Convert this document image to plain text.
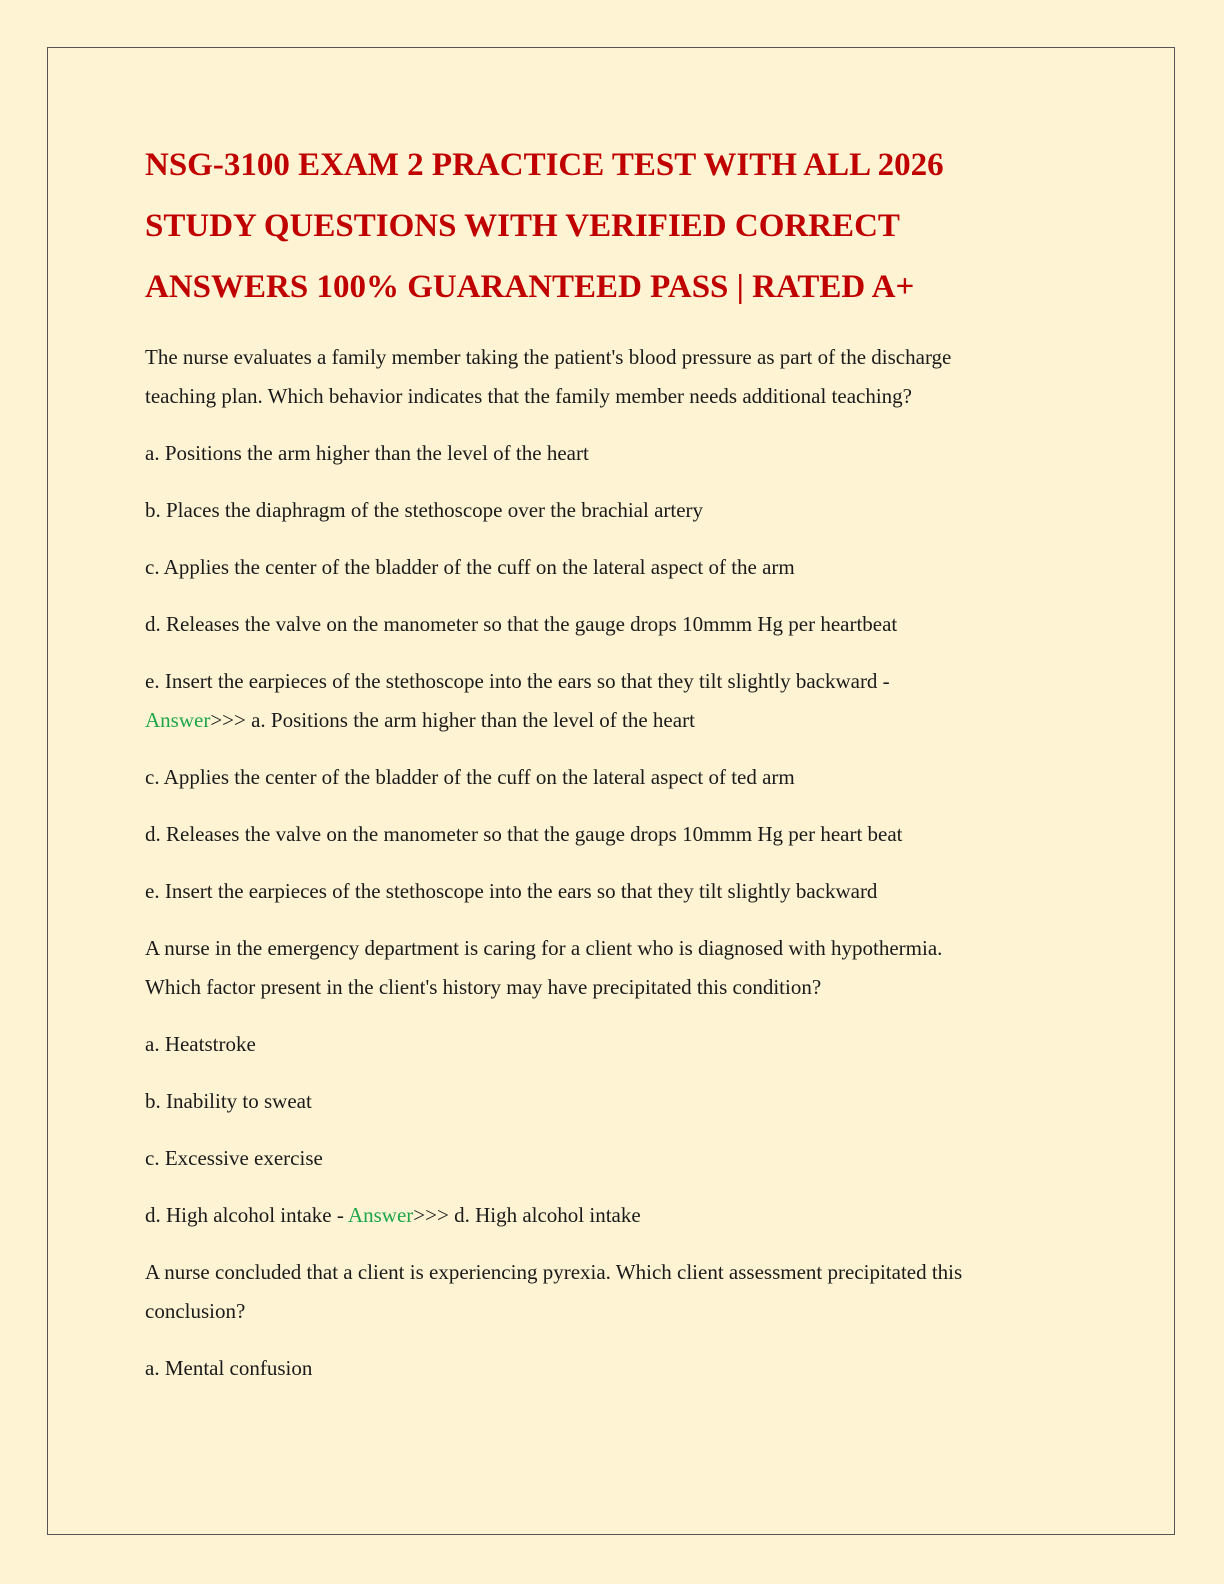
NSG-3100 EXAM 2 PRACTICE TEST WITH ALL 2026
STUDY QUESTIONS WITH VERIFIED CORRECT
ANSWERS 100% GUARANTEED PASS | RATED A+

The nurse evaluates a family member taking the patient's blood pressure as part of the discharge
teaching plan. Which behavior indicates that the family member needs additional teaching?

a. Positions the arm higher than the level of the heart

b. Places the diaphragm of the stethoscope over the brachial artery

c. Applies the center of the bladder of the cuff on the lateral aspect of the arm

d. Releases the valve on the manometer so that the gauge drops 10mmm Hg per heartbeat

e. Insert the earpieces of the stethoscope into the ears so that they tilt slightly backward -
Answer>>> a. Positions the arm higher than the level of the heart

c. Applies the center of the bladder of the cuff on the lateral aspect of ted arm

d. Releases the valve on the manometer so that the gauge drops 10mmm Hg per heart beat

e. Insert the earpieces of the stethoscope into the ears so that they tilt slightly backward

A nurse in the emergency department is caring for a client who is diagnosed with hypothermia.
Which factor present in the client's history may have precipitated this condition?

a. Heatstroke

b. Inability to sweat

c. Excessive exercise

d. High alcohol intake - Answer>>> d. High alcohol intake

A nurse concluded that a client is experiencing pyrexia. Which client assessment precipitated this
conclusion?

a. Mental confusion
